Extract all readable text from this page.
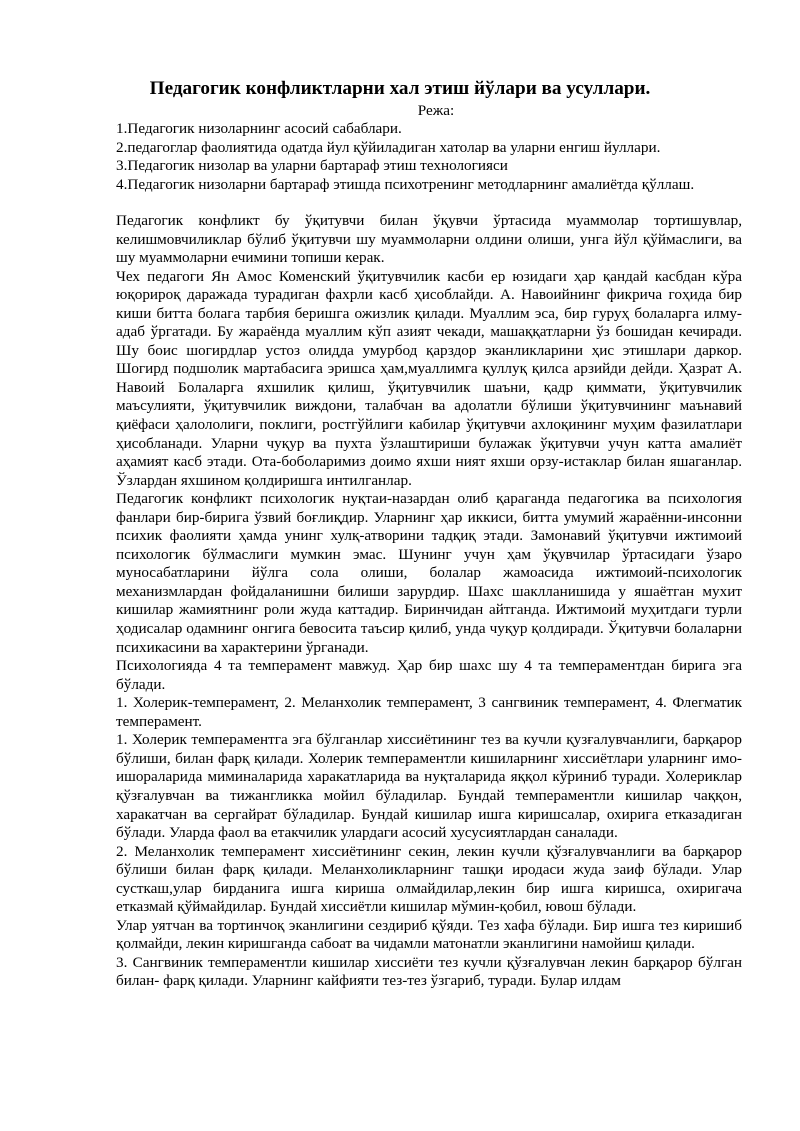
Педагогик конфликтларни хал этиш йўлари ва усуллари.
Режа:
1.Педагогик низоларнинг асосий сабаблари.
2.педагоглар фаолиятида одатда йул қўйиладиган хатолар ва уларни енгиш йуллари.
3.Педагогик низолар ва уларни бартараф этиш технологияси
4.Педагогик низоларни бартараф этишда психотренинг методларнинг амалиётда қўллаш.

Педагогик конфликт бу ўқитувчи билан ўқувчи ўртасида муаммолар тортишувлар, келишмовчиликлар бўлиб ўқитувчи шу муаммоларни олдини олиши, унга йўл қўймаслиги, ва шу муаммоларни ечимини топиши керак.

Чех педагоги Ян Амос Коменский ўқитувчилик касби ер юзидаги ҳар қандай касбдан кўра юқорироқ даражада турадиган фахрли касб ҳисоблайди. А. Навоийнинг фикрича гоҳида бир киши битта болага тарбия беришга ожизлик қилади. Муаллим эса, бир гуруҳ болаларга илму- адаб ўргатади. Бу жараёнда муаллим кўп азият чекади, машаққатларни ўз бошидан кечиради. Шу боис шогирдлар устоз олидда умурбод қарздор эканликларини ҳис этишлари даркор. Шогирд подшолик мартабасига эришса ҳам,муаллимга қуллуқ қилса арзийди дейди. Ҳазрат А. Навоий Болаларга яхшилик қилиш, ўқитувчилик шаъни, қадр қиммати, ўқитувчилик маъсулияти, ўқитувчилик виждони, талабчан ва адолатли бўлиши ўқитувчининг маънавий қиёфаси ҳалололиги, поклиги, ростгўйлиги кабилар ўқитувчи ахлоқининг муҳим фазилатлари ҳисобланади. Уларни чуқур ва пухта ўзлаштириши булажак ўқитувчи учун катта амалиёт аҳамият касб этади. Ота-боболаримиз доимо яхши ният яхши орзу-истаклар билан яшаганлар. Ўзлардан яхшином қолдиришга интилганлар.

Педагогик конфликт психологик нуқтаи-назардан олиб қараганда педагогика ва психология фанлари бир-бирига ўзвий боғлиқдир. Уларнинг ҳар иккиси, битта умумий жараённи-инсонни психик фаолияти ҳамда унинг хулқ-атворини тадқиқ этади. Замонавий ўқитувчи ижтимоий психологик бўлмаслиги мумкин эмас. Шунинг учун ҳам ўқувчилар ўртасидаги ўзаро муносабатларини йўлга сола олиши, болалар жамоасида ижтимоий-психологик механизмлардан фойдаланишни билиши зарурдир. Шахс шаклланишида у яшаётган мухит кишилар жамиятнинг роли жуда каттадир. Биринчидан айтганда. Ижтимоий муҳитдаги турли ҳодисалар одамнинг онгига бевосита таъсир қилиб, унда чуқур қолдиради. Ўқитувчи болаларни психикасини ва характерини ўрганади.

Психологияда 4 та темперамент мавжуд. Ҳар бир шахс шу 4 та темпераментдан бирига эга бўлади.

1. Холерик-темперамент, 2. Меланхолик темперамент, 3 сангвиник темперамент, 4. Флегматик темперамент.

1. Холерик темпераментга эга бўлганлар хиссиётининг тез ва кучли қузғалувчанлиги, барқарор бўлиши, билан фарқ қилади. Холерик темпераментли кишиларнинг хиссиётлари уларнинг имо-ишораларида миминаларида харакатларида ва нуқталарида яққол кўриниб туради. Холериклар қўзғалувчан ва тижангликка мойил бўладилар. Бундай темпераментли кишилар чаққон, харакатчан ва сергайрат бўладилар. Бундай кишилар ишга киришсалар, охирига етказадиган бўлади. Уларда фаол ва етакчилик улардаги асосий хусусиятлардан саналади.

2. Меланхолик темперамент хиссиётининг секин, лекин кучли қўзғалувчанлиги ва барқарор бўлиши билан фарқ қилади. Меланхоликларнинг ташқи иродаси жуда заиф бўлади. Улар сусткаш,улар бирданига ишга кириша олмайдилар,лекин бир ишга киришса, охиригача етказмай қўймайдилар. Бундай хиссиётли кишилар мўмин-қобил, ювош бўлади.

Улар уятчан ва тортинчоқ эканлигини сездириб қўяди. Тез хафа бўлади. Бир ишга тез киришиб қолмайди, лекин киришганда сабоат ва чидамли матонатли эканлигини намойиш қилади.

3. Сангвиник темпераментли кишилар хиссиёти тез кучли қўзғалувчан лекин барқарор бўлган билан- фарқ қилади. Уларнинг кайфияти тез-тез ўзгариб, туради. Булар илдам
